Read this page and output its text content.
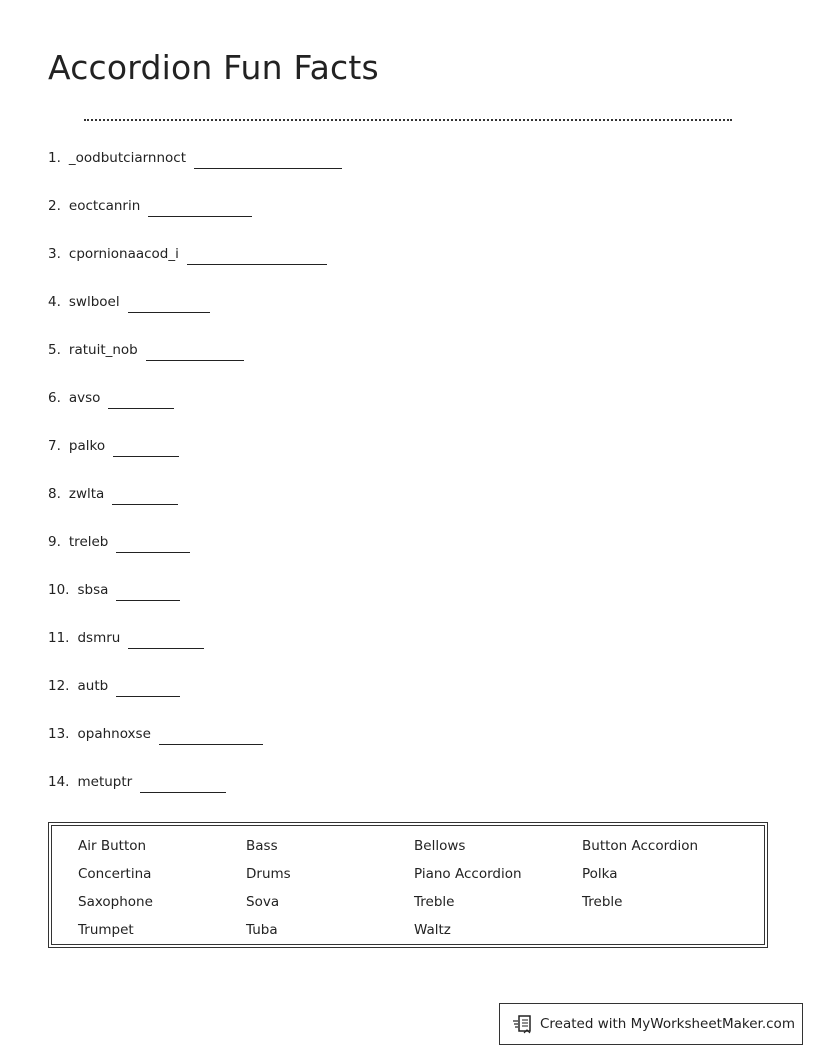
Accordion Fun Facts
1. _oodbutciarnnoct
2. eoctcanrin
3. cpornionaacod_i
4. swlboel
5. ratuit_nob
6. avso
7. palko
8. zwlta
9. treleb
10. sbsa
11. dsmru
12. autb
13. opahnoxse
14. metuptr
Air Button	Bass	Bellows	Button Accordion
Concertina	Drums	Piano Accordion	Polka
Saxophone	Sova	Treble	Treble
Trumpet	Tuba	Waltz
Created with MyWorksheetMaker.com
